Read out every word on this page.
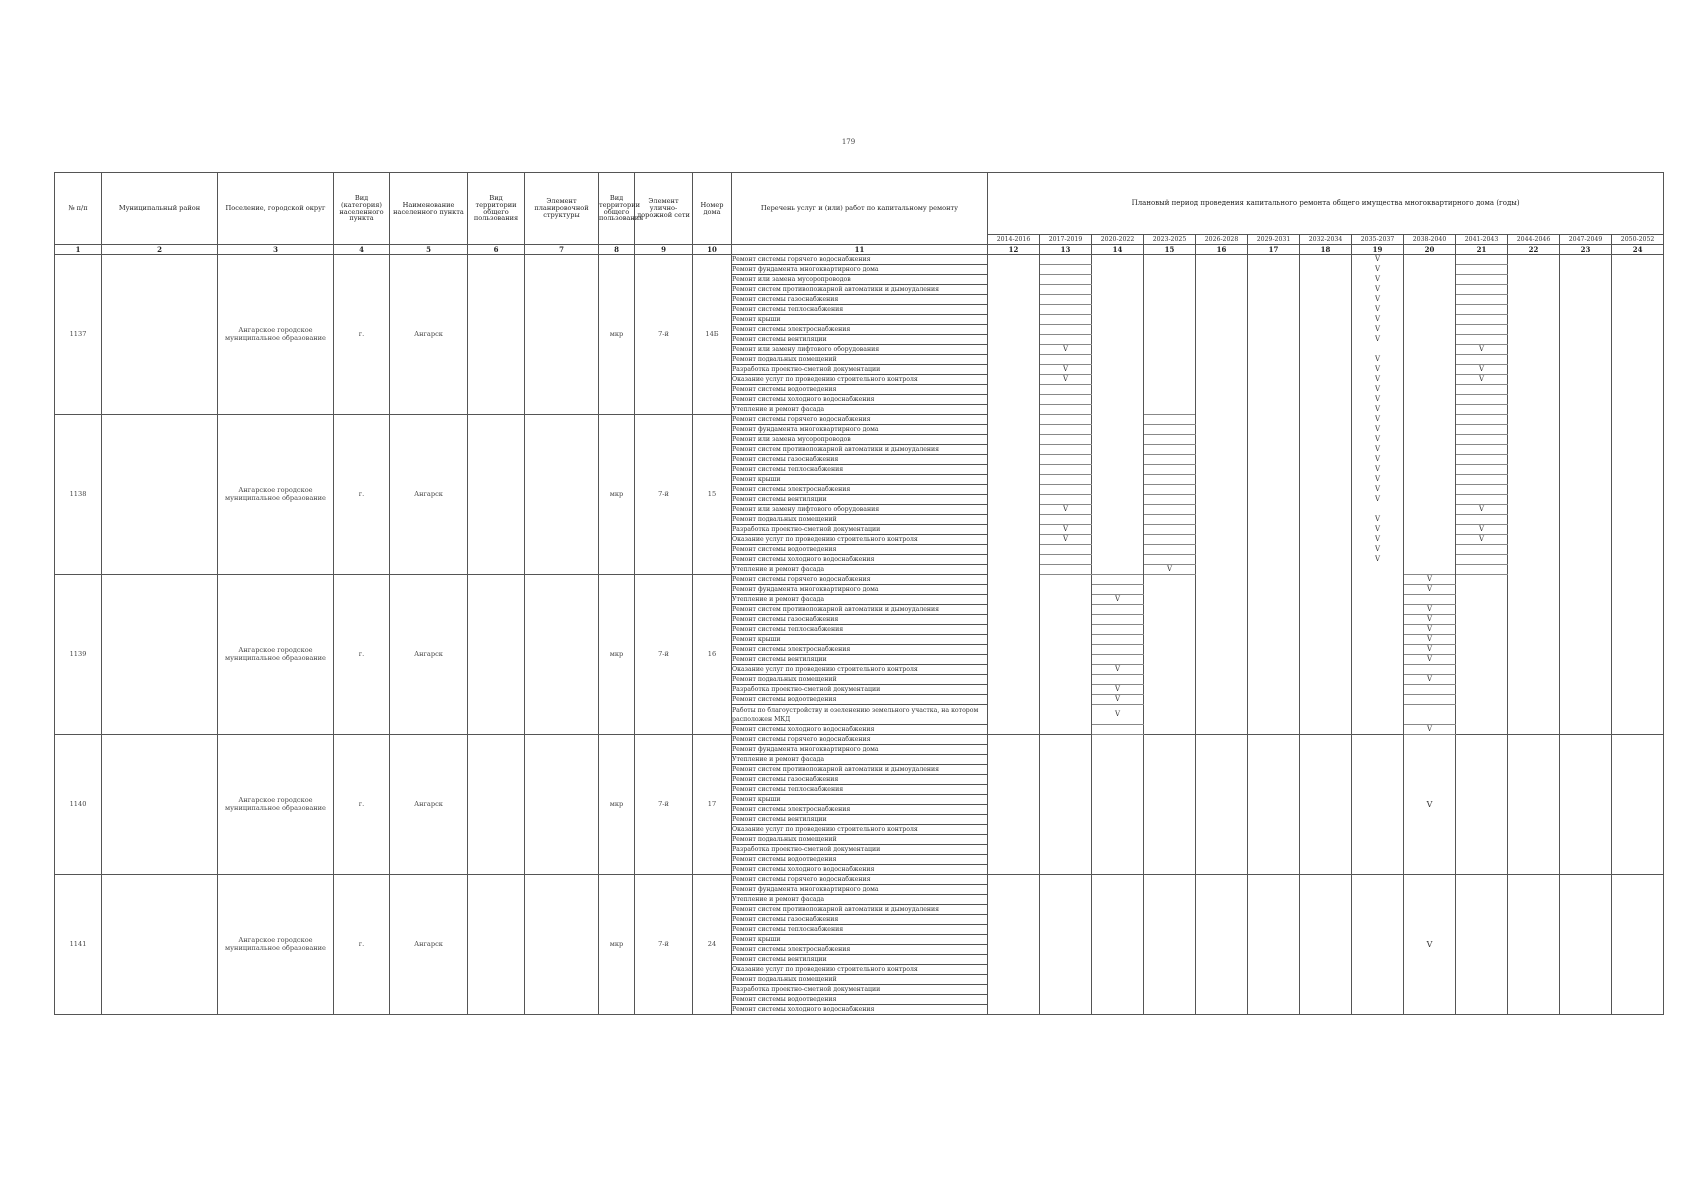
179
№ п/п	Муниципальный район	Поселение, городской округ	Вид (категория) населенного пункта	Наименование населенного пункта	Вид территории общего пользования	Элемент планировочной структуры	Вид территории общего пользования	Элемент улично-дорожной сети	Номер дома	Перечень услуг и (или) работ по капитальному ремонту	Плановый период проведения капитального ремонта общего имущества многоквартирного дома (годы)												
											2014-2016	2017-2019	2020-2022	2023-2025	2026-2028	2029-2031	2032-2034	2035-2037	2038-2040	2041-2043	2044-2046	2047-2049	2050-2052
1	2	3	4	5	6	7	8	9	10	11	12	13	14	15	16	17	18	19	20	21	22	23	24
1137		Ангарское городское муниципальное образование	г.	Ангарск			мкр	7-й	14Б	Ремонт системы горячего водоснабжения								V					
										Ремонт фундамента многоквартирного дома								V					
										Ремонт или замена мусоропроводов								V					
										Ремонт систем противопожарной автоматики и дымоудаления								V					
										Ремонт системы газоснабжения								V					
										Ремонт системы теплоснабжения								V					
										Ремонт крыши								V					
										Ремонт системы электроснабжения								V					
										Ремонт системы вентиляции								V					
										Ремонт или замену лифтового оборудования		V								V			
										Ремонт подвальных помещений								V					
										Разработка проектно-сметной документации		V						V		V			
										Оказание услуг по проведению строительного контроля		V						V		V			
										Ремонт системы водоотведения								V					
										Ремонт системы холодного водоснабжения								V					
										Утепление и ремонт фасада								V					
1138		Ангарское городское муниципальное образование	г.	Ангарск			мкр	7-й	15	Ремонт системы горячего водоснабжения								V					
										Ремонт фундамента многоквартирного дома								V					
										Ремонт или замена мусоропроводов								V					
										Ремонт систем противопожарной автоматики и дымоудаления								V					
										Ремонт системы газоснабжения								V					
										Ремонт системы теплоснабжения								V					
										Ремонт крыши								V					
										Ремонт системы электроснабжения								V					
										Ремонт системы вентиляции								V					
										Ремонт или замену лифтового оборудования		V								V			
										Ремонт подвальных помещений								V					
										Разработка проектно-сметной документации		V						V		V			
										Оказание услуг по проведению строительного контроля		V						V		V			
										Ремонт системы водоотведения								V					
										Ремонт системы холодного водоснабжения								V					
										Утепление и ремонт фасада				V									
1139		Ангарское городское муниципальное образование	г.	Ангарск			мкр	7-й	16	Ремонт системы горячего водоснабжения									V				
										Ремонт фундамента многоквартирного дома									V				
										Утепление и ремонт фасада			V										
										Ремонт систем противопожарной автоматики и дымоудаления									V				
										Ремонт системы газоснабжения									V				
										Ремонт системы теплоснабжения									V				
										Ремонт крыши									V				
										Ремонт системы электроснабжения									V				
										Ремонт системы вентиляции									V				
										Оказание услуг по проведению строительного контроля			V										
										Ремонт подвальных помещений									V				
										Разработка проектно-сметной документации			V										
										Ремонт системы водоотведения			V										
										Работы по благоустройству и озеленению земельного участка, на котором расположен МКД			V										
										Ремонт системы холодного водоснабжения									V				
1140		Ангарское городское муниципальное образование	г.	Ангарск			мкр	7-й	17	Ремонт системы горячего водоснабжения									V				
										Ремонт фундамента многоквартирного дома													
										Утепление и ремонт фасада													
										Ремонт систем противопожарной автоматики и дымоудаления													
										Ремонт системы газоснабжения													
										Ремонт системы теплоснабжения													
										Ремонт крыши													
										Ремонт системы электроснабжения													
										Ремонт системы вентиляции													
										Оказание услуг по проведению строительного контроля													
										Ремонт подвальных помещений													
										Разработка проектно-сметной документации													
										Ремонт системы водоотведения													
										Ремонт системы холодного водоснабжения													
1141		Ангарское городское муниципальное образование	г.	Ангарск			мкр	7-й	24	Ремонт системы горячего водоснабжения									V				
										Ремонт фундамента многоквартирного дома													
										Утепление и ремонт фасада													
										Ремонт систем противопожарной автоматики и дымоудаления													
										Ремонт системы газоснабжения													
										Ремонт системы теплоснабжения													
										Ремонт крыши													
										Ремонт системы электроснабжения													
										Ремонт системы вентиляции													
										Оказание услуг по проведению строительного контроля													
										Ремонт подвальных помещений													
										Разработка проектно-сметной документации													
										Ремонт системы водоотведения													
										Ремонт системы холодного водоснабжения													
